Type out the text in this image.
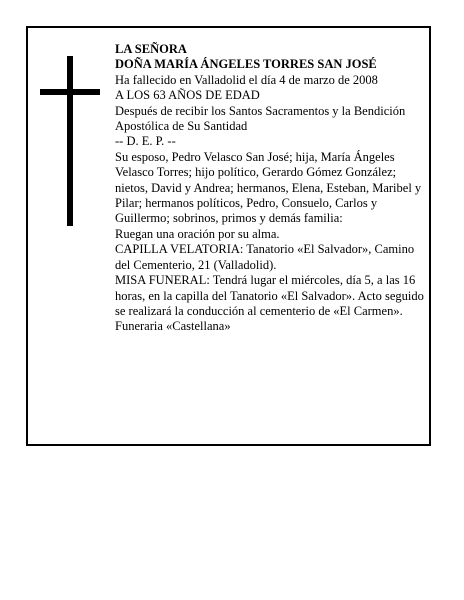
LA SEÑORA

DOÑA MARÍA ÁNGELES TORRES SAN JOSÉ

Ha fallecido en Valladolid el día 4 de marzo de 2008

A LOS 63 AÑOS DE EDAD

Después de recibir los Santos Sacramentos y la Bendición Apostólica de Su Santidad

-- D. E. P. --

Su esposo, Pedro Velasco San José; hija, María Ángeles Velasco Torres; hijo político, Gerardo Gómez González; nietos, David y Andrea; hermanos, Elena, Esteban, Maribel y Pilar; hermanos políticos, Pedro, Consuelo, Carlos y Guillermo; sobrinos, primos y demás familia:

Ruegan una oración por su alma.

CAPILLA VELATORIA: Tanatorio «El Salvador», Camino del Cementerio, 21 (Valladolid).

MISA FUNERAL: Tendrá lugar el miércoles, día 5, a las 16 horas, en la capilla del Tanatorio «El Salvador». Acto seguido se realizará la conducción al cementerio de «El Carmen».

Funeraria «Castellana»
